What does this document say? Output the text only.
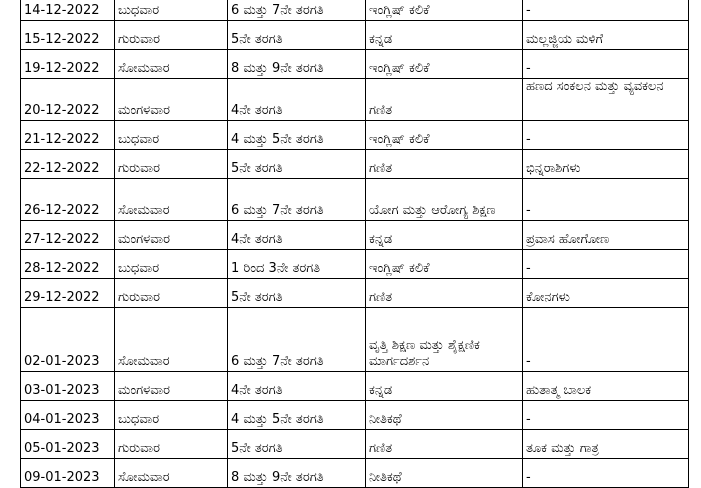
14-12-2022	ಬುಧವಾರ	6 ಮತ್ತು 7ನೇ ತರಗತಿ	ಇಂಗ್ಲಿಷ್ ಕಲಿಕೆ	-
15-12-2022	ಗುರುವಾರ	5ನೇ ತರಗತಿ	ಕನ್ನಡ	ಮಲ್ಲಜ್ಜಿಯ ಮಳಿಗೆ
19-12-2022	ಸೋಮವಾರ	8 ಮತ್ತು 9ನೇ ತರಗತಿ	ಇಂಗ್ಲಿಷ್ ಕಲಿಕೆ	-
20-12-2022	ಮಂಗಳವಾರ	4ನೇ ತರಗತಿ	ಗಣಿತ	ಹಣದ ಸಂಕಲನ ಮತ್ತು ವ್ಯವಕಲನ
21-12-2022	ಬುಧವಾರ	4 ಮತ್ತು 5ನೇ ತರಗತಿ	ಇಂಗ್ಲಿಷ್ ಕಲಿಕೆ	-
22-12-2022	ಗುರುವಾರ	5ನೇ ತರಗತಿ	ಗಣಿತ	ಭಿನ್ನರಾಶಿಗಳು
26-12-2022	ಸೋಮವಾರ	6 ಮತ್ತು 7ನೇ ತರಗತಿ	ಯೋಗ ಮತ್ತು ಆರೋಗ್ಯ ಶಿಕ್ಷಣ	-
27-12-2022	ಮಂಗಳವಾರ	4ನೇ ತರಗತಿ	ಕನ್ನಡ	ಪ್ರವಾಸ ಹೋಗೋಣ
28-12-2022	ಬುಧವಾರ	1 ರಿಂದ 3ನೇ ತರಗತಿ	ಇಂಗ್ಲಿಷ್ ಕಲಿಕೆ	-
29-12-2022	ಗುರುವಾರ	5ನೇ ತರಗತಿ	ಗಣಿತ	ಕೋನಗಳು
02-01-2023	ಸೋಮವಾರ	6 ಮತ್ತು 7ನೇ ತರಗತಿ	ವೃತ್ತಿ ಶಿಕ್ಷಣ ಮತ್ತು ಶೈಕ್ಷಣಿಕ ಮಾರ್ಗದರ್ಶನ	-
03-01-2023	ಮಂಗಳವಾರ	4ನೇ ತರಗತಿ	ಕನ್ನಡ	ಹುತಾತ್ಮ ಬಾಲಕ
04-01-2023	ಬುಧವಾರ	4 ಮತ್ತು 5ನೇ ತರಗತಿ	ನೀತಿಕಥೆ	-
05-01-2023	ಗುರುವಾರ	5ನೇ ತರಗತಿ	ಗಣಿತ	ತೂಕ ಮತ್ತು ಗಾತ್ರ
09-01-2023	ಸೋಮವಾರ	8 ಮತ್ತು 9ನೇ ತರಗತಿ	ನೀತಿಕಥೆ	-
